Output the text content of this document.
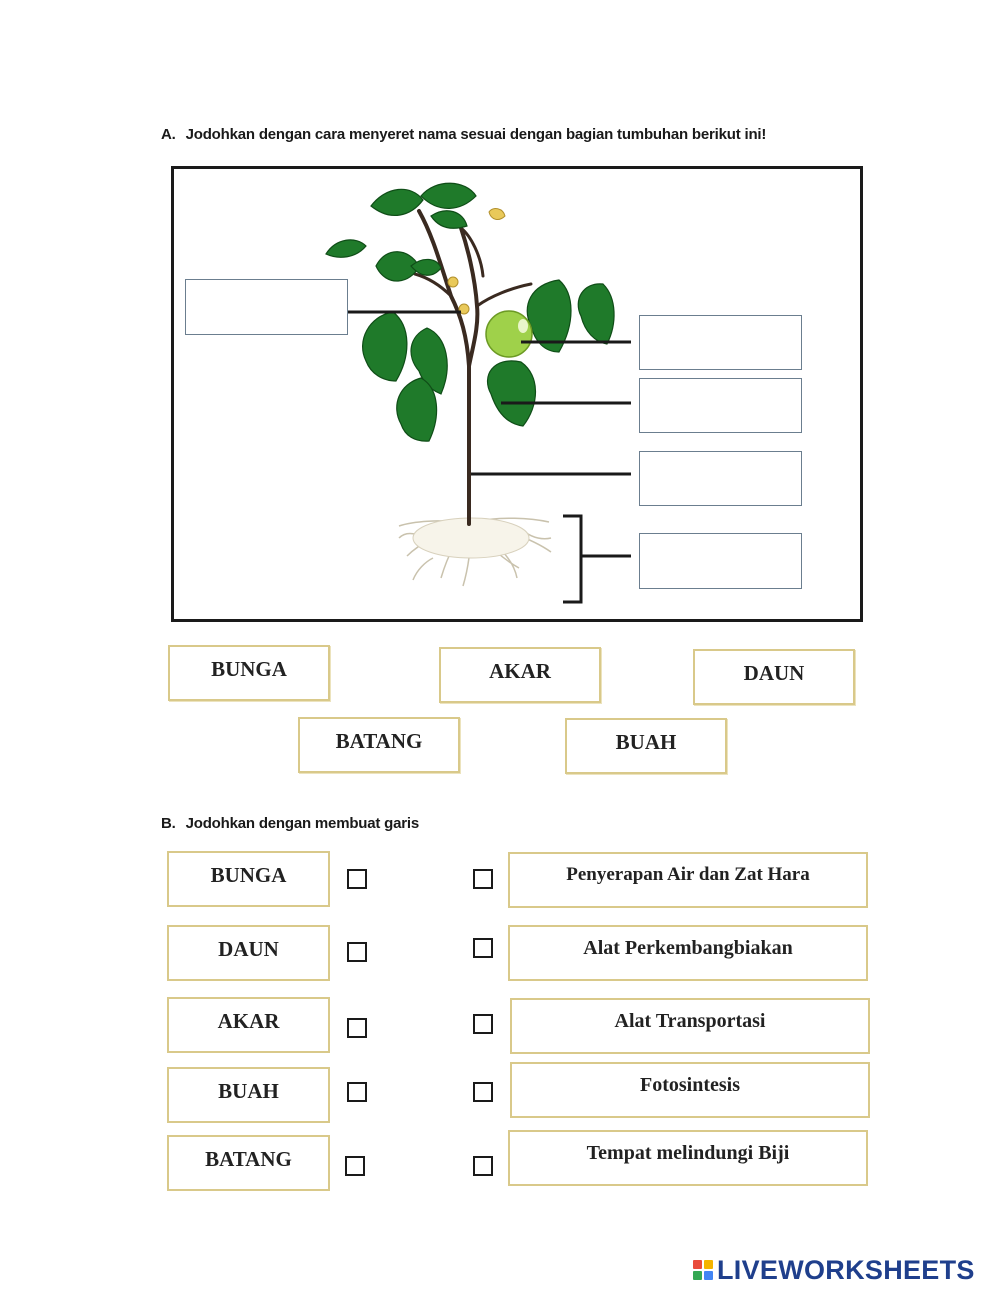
A. Jodohkan dengan cara menyeret nama sesuai dengan bagian tumbuhan berikut ini!
BUNGA	AKAR	DAUN
BATANG	BUAH
B. Jodohkan dengan membuat garis
BUNGA
DAUN
AKAR
BUAH
BATANG
Penyerapan Air dan Zat Hara
Alat Perkembangbiakan
Alat Transportasi
Fotosintesis
Tempat melindungi Biji
LIVEWORKSHEETS
